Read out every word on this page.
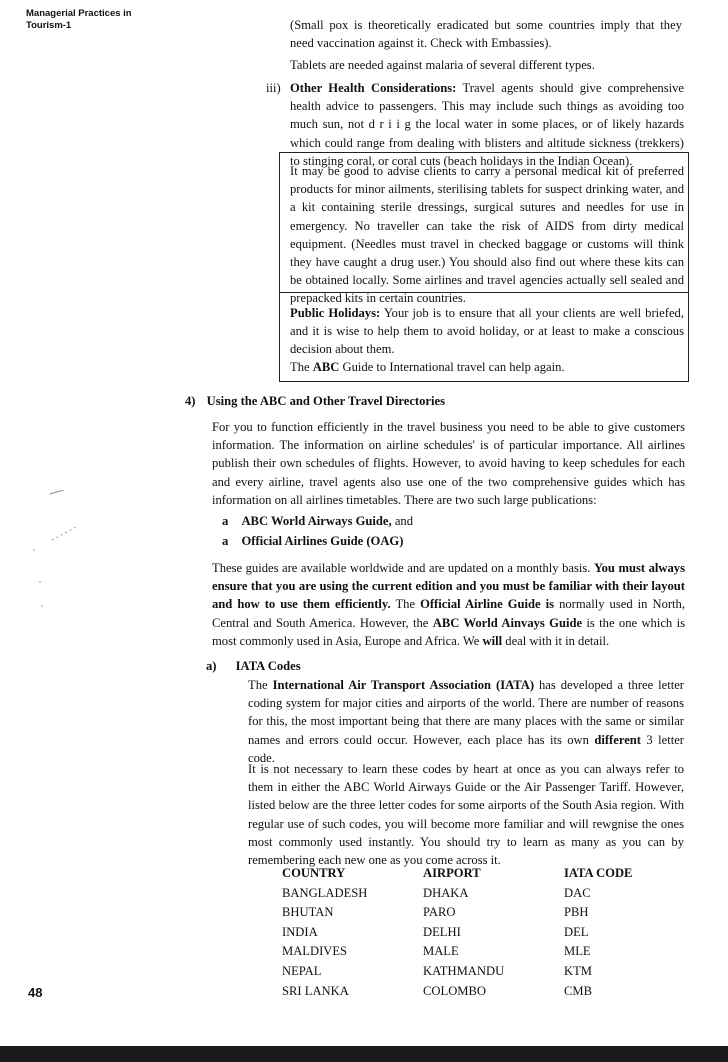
Managerial Practices in
Tourism-1	(Small pox is theoretically eradicated but some countries imply that they need vaccination against it. Check with Embassies).
Tablets are needed against malaria of several different types.
iii) Other Health Considerations: Travel agents should give comprehensive health advice to passengers. This may include such things as avoiding too much sun, not d r i i g the local water in some places, or of likely hazards which could range from dealing with blisters and altitude sickness (trekkers) to stinging coral, or coral cuts (beach holidays in the Indian Ocean).
It may be good to advise clients to carry a personal medical kit of preferred products for minor ailments, sterilising tablets for suspect drinking water, and a kit containing sterile dressings, surgical sutures and needles for use in emergency. No traveller can take the risk of AIDS from dirty medical equipment. (Needles must travel in checked baggage or customs will think they have caught a drug user.) You should also find out where these kits can be obtained locally. Some airlines and travel agencies actually sell sealed and prepacked kits in certain countries.
Public Holidays: Your job is to ensure that all your clients are well briefed, and it is wise to help them to avoid holiday, or at least to make a conscious decision about them.
The ABC Guide to International travel can help again.
4) Using the ABC and Other Travel Directories
For you to function efficiently in the travel business you need to be able to give customers information. The information on airline schedules' is of particular importance. All airlines publish their own schedules of flights. However, to avoid having to keep schedules for each and every airline, travel agents also use one of the two comprehensive guides which has information on all airlines timetables. There are two such large publications:
a ABC World Airways Guide, and
a Official Airlines Guide (OAG)
These guides are available worldwide and are updated on a monthly basis. You must always ensure that you are using the current edition and you must be familiar with their layout and how to use them efficiently. The Official Airline Guide is normally used in North, Central and South America. However, the ABC World Ainvays Guide is the one which is most commonly used in Asia, Europe and Africa. We will deal with it in detail.
a) IATA Codes
The International Air Transport Association (IATA) has developed a three letter coding system for major cities and airports of the world. There are number of reasons for this, the most important being that there are many places with the same or similar names and errors could occur. However, each place has its own different 3 letter code.
It is not necessary to learn these codes by heart at once as you can always refer to them in either the ABC World Airways Guide or the Air Passenger Tariff. However, listed below are the three letter codes for some airports of the South Asia region. With regular use of such codes, you will become more familiar and will rewgnise the ones most commonly used instantly. You should try to learn as many as you can by remembering each new one as you come across it.
COUNTRY	AIRPORT	IATA CODE
BANGLADESH	DHAKA	DAC
BHUTAN	PARO	PBH
INDIA	DELHI	DEL
MALDIVES	MALE	MLE
NEPAL	KATHMANDU	KTM
SRI LANKA	COLOMBO	CMB
48
